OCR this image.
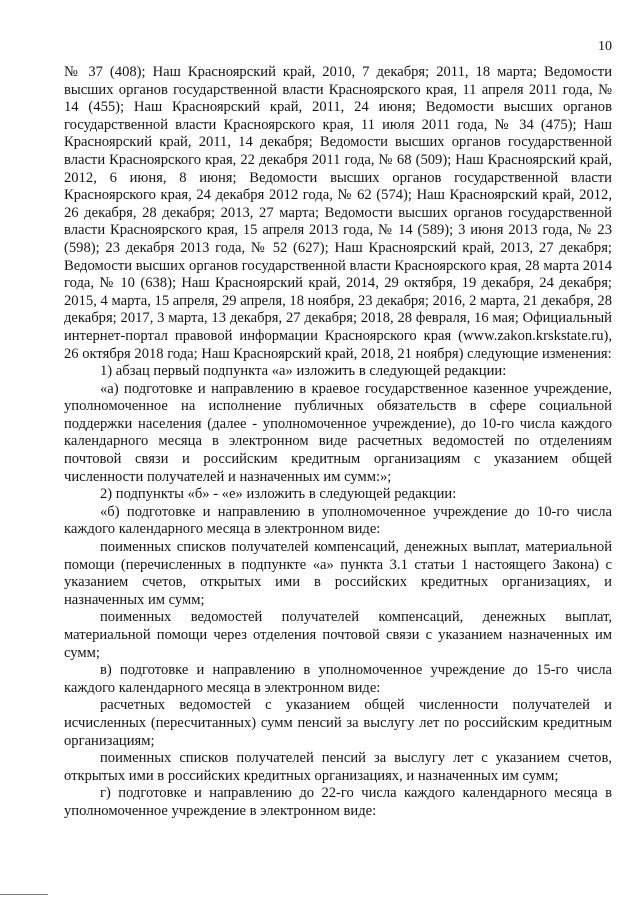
10

№ 37 (408); Наш Красноярский край, 2010, 7 декабря; 2011, 18 марта; Ведомости высших органов государственной власти Красноярского края, 11 апреля 2011 года, № 14 (455); Наш Красноярский край, 2011, 24 июня; Ведомости высших органов государственной власти Красноярского края, 11 июля 2011 года, № 34 (475); Наш Красноярский край, 2011, 14 декабря; Ведомости высших органов государственной власти Красноярского края, 22 декабря 2011 года, № 68 (509); Наш Красноярский край, 2012, 6 июня, 8 июня; Ведомости высших органов государственной власти Красноярского края, 24 декабря 2012 года, № 62 (574); Наш Красноярский край, 2012, 26 декабря, 28 декабря; 2013, 27 марта; Ведомости высших органов государственной власти Красноярского края, 15 апреля 2013 года, № 14 (589); 3 июня 2013 года, № 23 (598); 23 декабря 2013 года, № 52 (627); Наш Красноярский край, 2013, 27 декабря; Ведомости высших органов государственной власти Красноярского края, 28 марта 2014 года, № 10 (638); Наш Красноярский край, 2014, 29 октября, 19 декабря, 24 декабря; 2015, 4 марта, 15 апреля, 29 апреля, 18 ноября, 23 декабря; 2016, 2 марта, 21 декабря, 28 декабря; 2017, 3 марта, 13 декабря, 27 декабря; 2018, 28 февраля, 16 мая; Официальный интернет-портал правовой информации Красноярского края (www.zakon.krskstate.ru), 26 октября 2018 года; Наш Красноярский край, 2018, 21 ноября) следующие изменения:

1) абзац первый подпункта «а» изложить в следующей редакции:

«а) подготовке и направлению в краевое государственное казенное учреждение, уполномоченное на исполнение публичных обязательств в сфере социальной поддержки населения (далее - уполномоченное учреждение), до 10-го числа каждого календарного месяца в электронном виде расчетных ведомостей по отделениям почтовой связи и российским кредитным организациям с указанием общей численности получателей и назначенных им сумм:»;

2) подпункты «б» - «е» изложить в следующей редакции:

«б) подготовке и направлению в уполномоченное учреждение до 10-го числа каждого календарного месяца в электронном виде:

поименных списков получателей компенсаций, денежных выплат, материальной помощи (перечисленных в подпункте «а» пункта 3.1 статьи 1 настоящего Закона) с указанием счетов, открытых ими в российских кредитных организациях, и назначенных им сумм;

поименных ведомостей получателей компенсаций, денежных выплат, материальной помощи через отделения почтовой связи с указанием назначенных им сумм;

в) подготовке и направлению в уполномоченное учреждение до 15-го числа каждого календарного месяца в электронном виде:

расчетных ведомостей с указанием общей численности получателей и исчисленных (пересчитанных) сумм пенсий за выслугу лет по российским кредитным организациям;

поименных списков получателей пенсий за выслугу лет с указанием счетов, открытых ими в российских кредитных организациях, и назначенных им сумм;

г) подготовке и направлению до 22-го числа каждого календарного месяца в уполномоченное учреждение в электронном виде:
